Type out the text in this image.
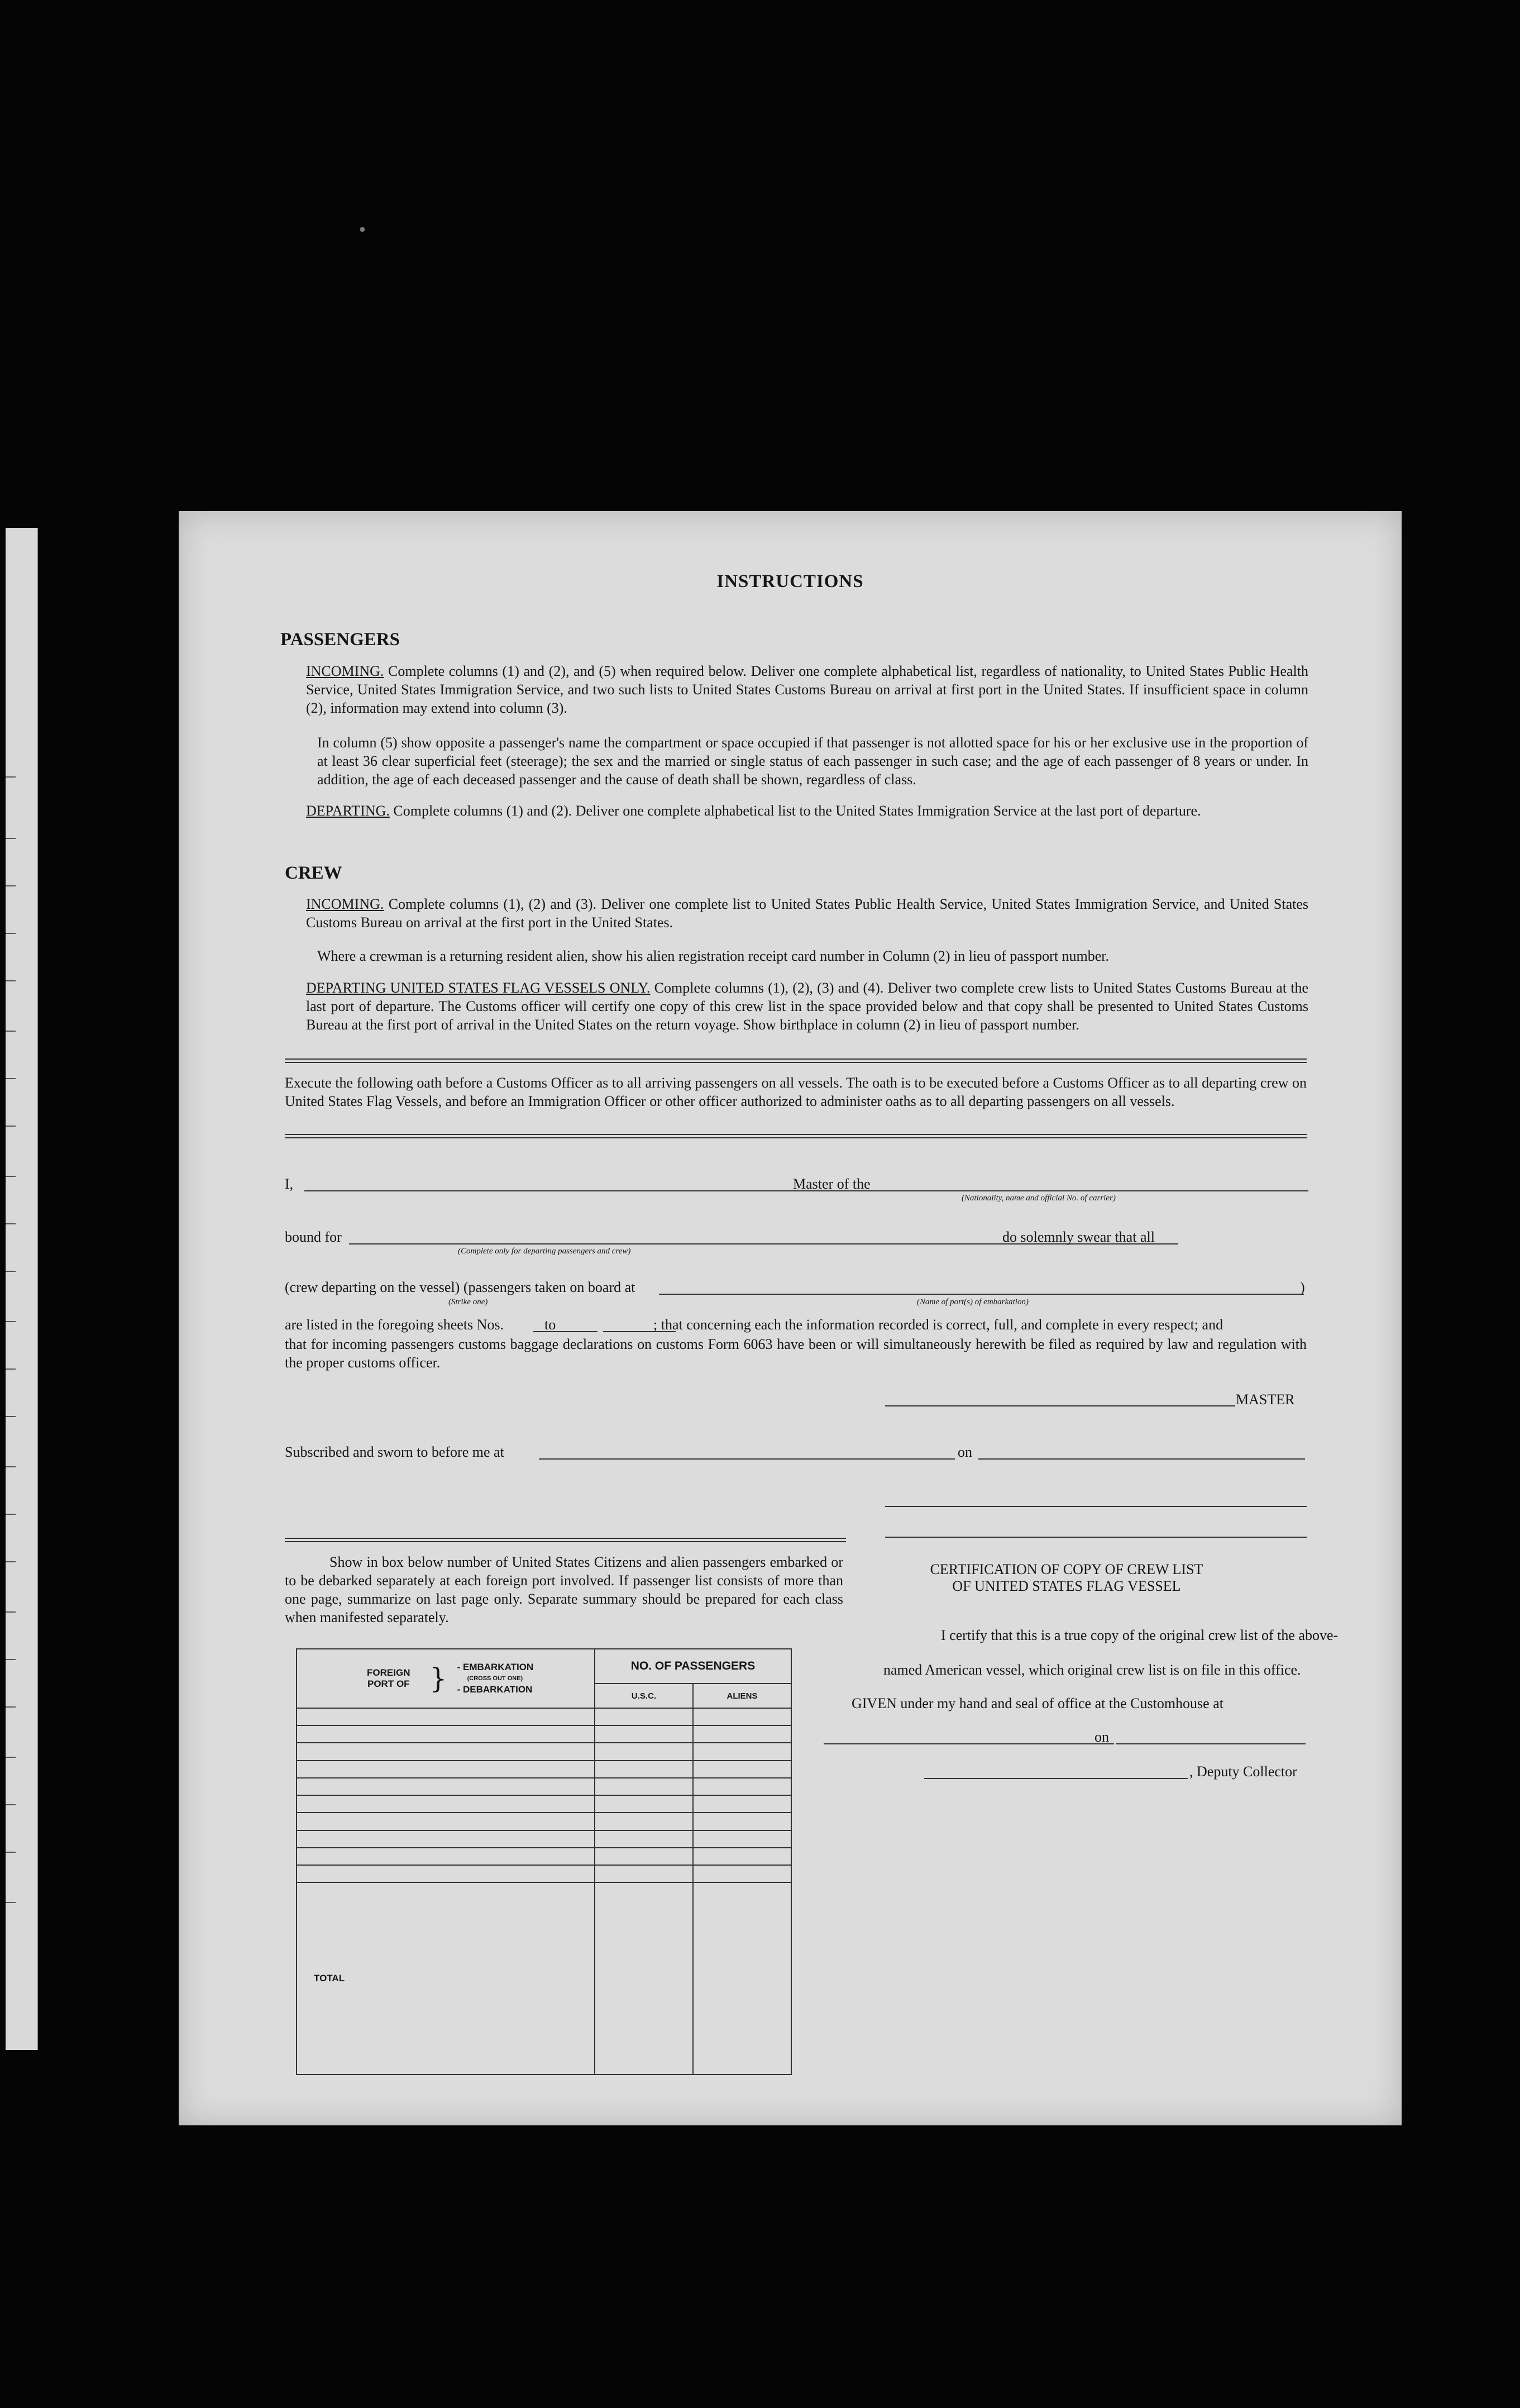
•
INSTRUCTIONS
PASSENGERS
INCOMING. Complete columns (1) and (2), and (5) when required below. Deliver one complete alphabetical list, regardless of nationality, to United States Public Health Service, United States Immigration Service, and two such lists to United States Customs Bureau on arrival at first port in the United States. If insufficient space in column (2), information may extend into column (3).
In column (5) show opposite a passenger's name the compartment or space occupied if that passenger is not allotted space for his or her exclusive use in the proportion of at least 36 clear superficial feet (steerage); the sex and the married or single status of each passenger in such case; and the age of each passenger of 8 years or under. In addition, the age of each deceased passenger and the cause of death shall be shown, regardless of class.
DEPARTING. Complete columns (1) and (2). Deliver one complete alphabetical list to the United States Immigration Service at the last port of departure.
CREW
INCOMING. Complete columns (1), (2) and (3). Deliver one complete list to United States Public Health Service, United States Immigration Service, and United States Customs Bureau on arrival at the first port in the United States.
Where a crewman is a returning resident alien, show his alien registration receipt card number in Column (2) in lieu of passport number.
DEPARTING UNITED STATES FLAG VESSELS ONLY. Complete columns (1), (2), (3) and (4). Deliver two complete crew lists to United States Customs Bureau at the last port of departure. The Customs officer will certify one copy of this crew list in the space provided below and that copy shall be presented to United States Customs Bureau at the first port of arrival in the United States on the return voyage. Show birthplace in column (2) in lieu of passport number.
Execute the following oath before a Customs Officer as to all arriving passengers on all vessels. The oath is to be executed before a Customs Officer as to all departing crew on United States Flag Vessels, and before an Immigration Officer or other officer authorized to administer oaths as to all departing passengers on all vessels.
I,	Master of the
(Nationality, name and official No. of carrier)
bound for
(Complete only for departing passengers and crew)
do solemnly swear that all
(crew departing on the vessel) (passengers taken on board at	)
(Strike one)	(Name of port(s) of embarkation)
are listed in the foregoing sheets Nos.	to	; that concerning each the information recorded is correct, full, and complete in every respect; and
that for incoming passengers customs baggage declarations on customs Form 6063 have been or will simultaneously herewith be filed as required by law and regulation with the proper customs officer.
MASTER
Subscribed and sworn to before me at	on
Show in box below number of United States Citizens and alien passengers embarked or to be debarked separately at each foreign port involved. If passenger list consists of more than one page, summarize on last page only. Separate summary should be prepared for each class when manifested separately.
FOREIGN PORT OF } - EMBARKATION
(CROSS OUT ONE)
- DEBARKATION	NO. OF PASSENGERS	
	U.S.C.	ALIENS

TOTAL		
CERTIFICATION OF COPY OF CREW LIST
OF UNITED STATES FLAG VESSEL
I certify that this is a true copy of the original crew list of the above-
named American vessel, which original crew list is on file in this office.
GIVEN under my hand and seal of office at the Customhouse at
on
, Deputy Collector
